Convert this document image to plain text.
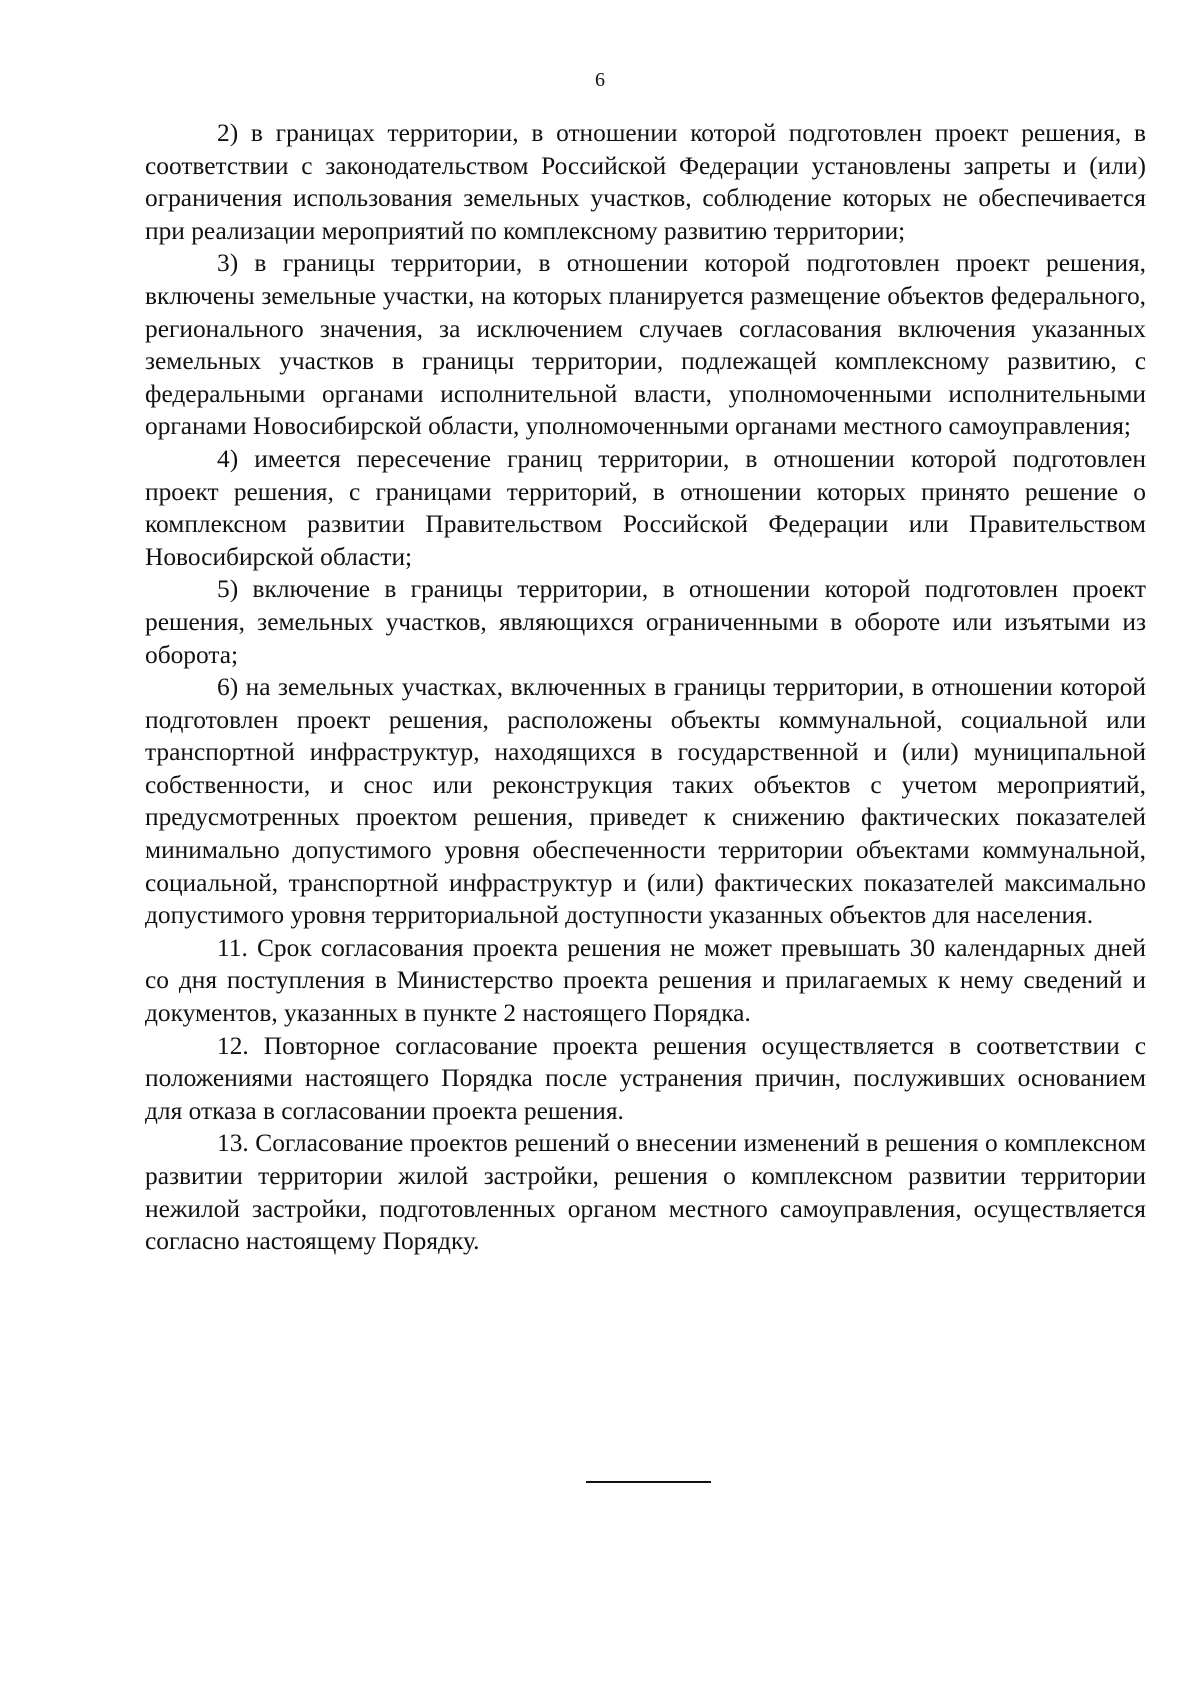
6

2) в границах территории, в отношении которой подготовлен проект решения, в соответствии с законодательством Российской Федерации установлены запреты и (или) ограничения использования земельных участков, соблюдение которых не обеспечивается при реализации мероприятий по комплексному развитию территории;

3) в границы территории, в отношении которой подготовлен проект решения, включены земельные участки, на которых планируется размещение объектов федерального, регионального значения, за исключением случаев согласования включения указанных земельных участков в границы территории, подлежащей комплексному развитию, с федеральными органами исполнительной власти, уполномоченными исполнительными органами Новосибирской области, уполномоченными органами местного самоуправления;

4) имеется пересечение границ территории, в отношении которой подготовлен проект решения, с границами территорий, в отношении которых принято решение о комплексном развитии Правительством Российской Федерации или Правительством Новосибирской области;

5) включение в границы территории, в отношении которой подготовлен проект решения, земельных участков, являющихся ограниченными в обороте или изъятыми из оборота;

6) на земельных участках, включенных в границы территории, в отношении которой подготовлен проект решения, расположены объекты коммунальной, социальной или транспортной инфраструктур, находящихся в государственной и (или) муниципальной собственности, и снос или реконструкция таких объектов с учетом мероприятий, предусмотренных проектом решения, приведет к снижению фактических показателей минимально допустимого уровня обеспеченности территории объектами коммунальной, социальной, транспортной инфраструктур и (или) фактических показателей максимально допустимого уровня территориальной доступности указанных объектов для населения.

11. Срок согласования проекта решения не может превышать 30 календарных дней со дня поступления в Министерство проекта решения и прилагаемых к нему сведений и документов, указанных в пункте 2 настоящего Порядка.

12. Повторное согласование проекта решения осуществляется в соответствии с положениями настоящего Порядка после устранения причин, послуживших основанием для отказа в согласовании проекта решения.

13. Согласование проектов решений о внесении изменений в решения о комплексном развитии территории жилой застройки, решения о комплексном развитии территории нежилой застройки, подготовленных органом местного самоуправления, осуществляется согласно настоящему Порядку.
